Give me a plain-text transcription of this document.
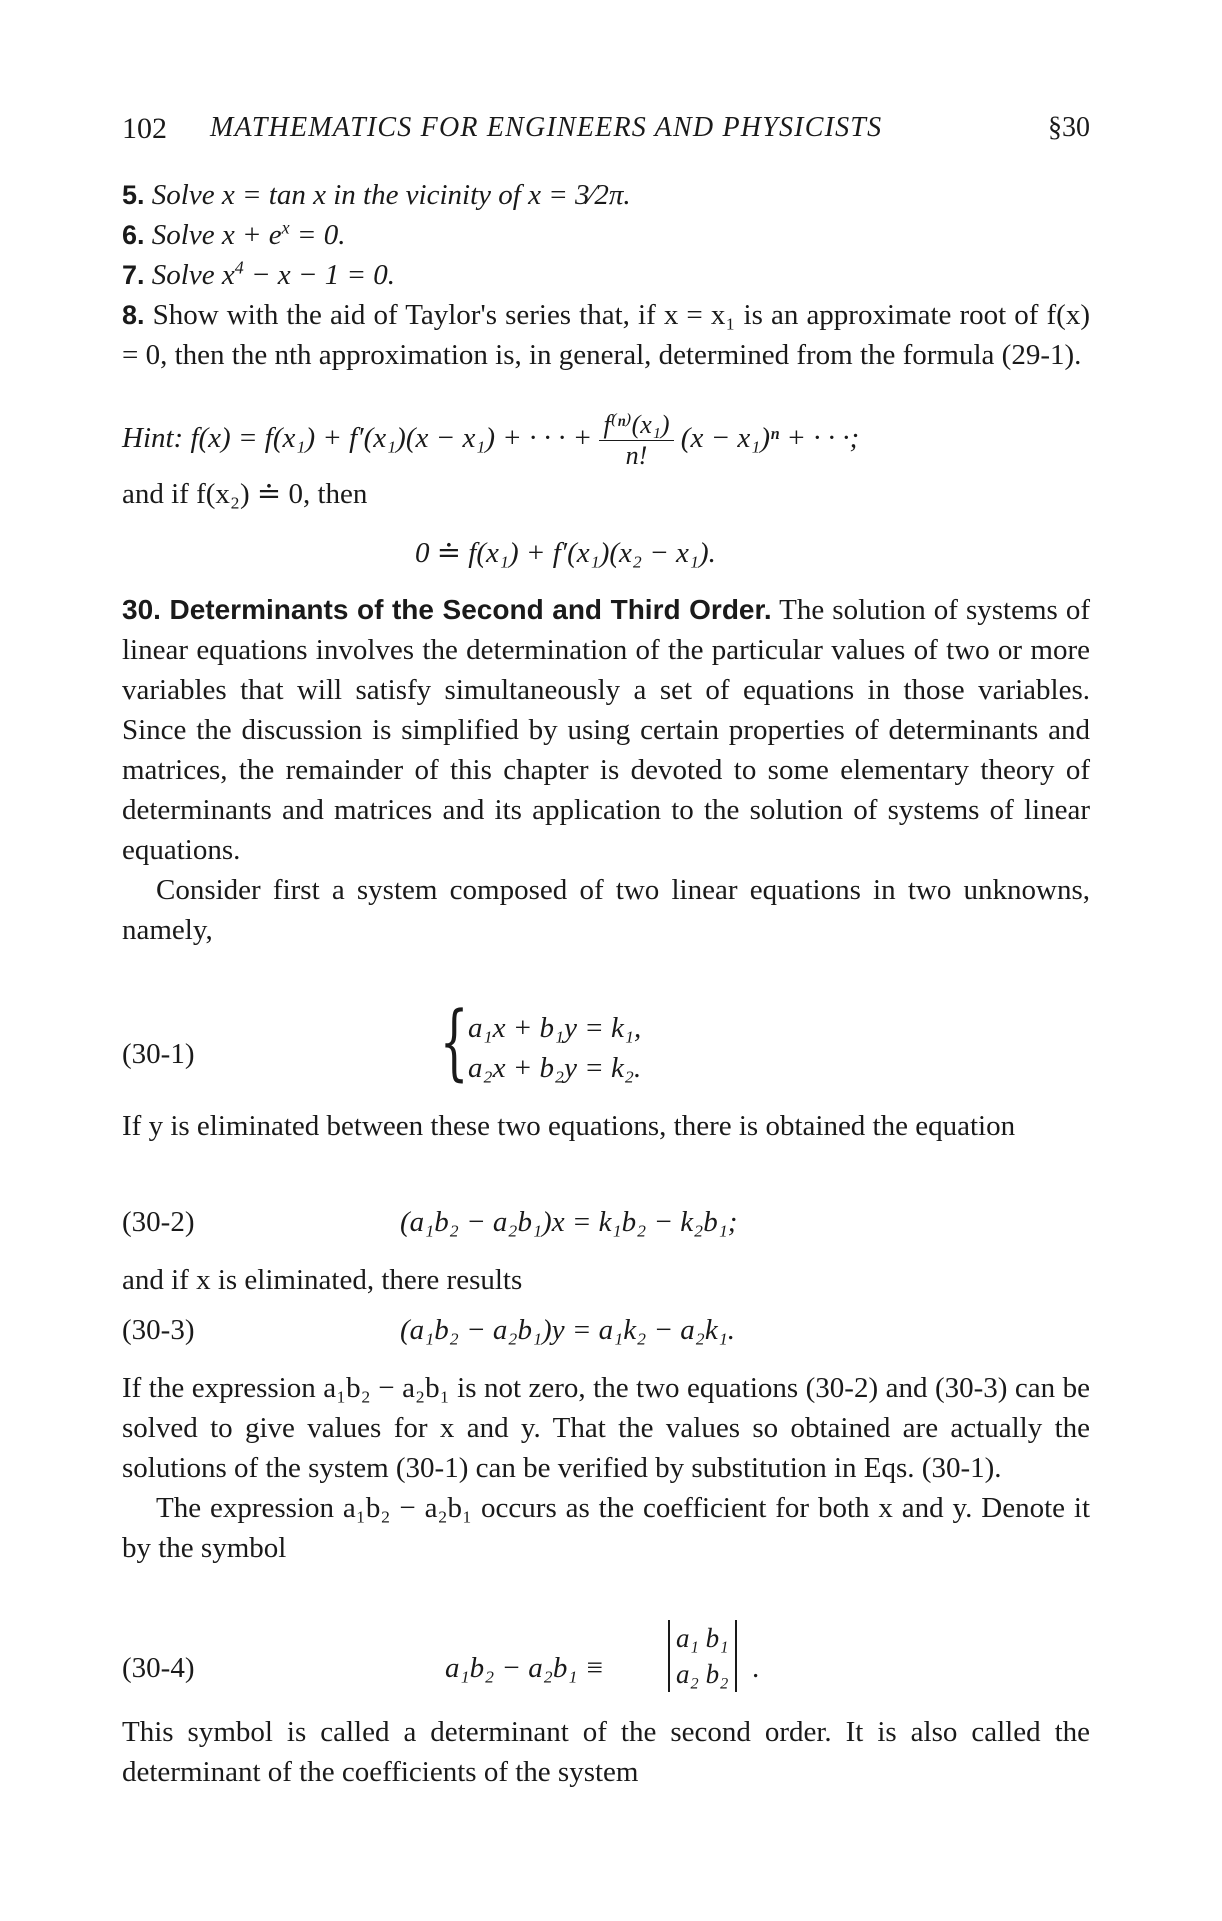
102 MATHEMATICS FOR ENGINEERS AND PHYSICISTS	§30
5. Solve x = tan x in the vicinity of x = 3⁄2π.
6. Solve $x + e^x = 0$.
7. Solve $x^4 - x - 1 = 0$.

8. Show with the aid of Taylor's series that, if x = x₁ is an approximate root of f(x) = 0, then the nth approximation is, in general, determined from the formula (29-1).

Hint: f(x) = f(x₁) + f′(x₁)(x − x₁) + · · · + $\frac{\text{f⁽ⁿ⁾(x₁)}}{n!} (x - x_1)^n$ + · · ·;
and if f(x₂) ≐ 0, then
0 ≐ f(x₁) + f′(x₁)(x₂ − x₁).

30. Determinants of the Second and Third Order. The solution of systems of linear equations involves the determination of the particular values of two or more variables that will satisfy simultaneously a set of equations in those variables. Since the discussion is simplified by using certain properties of determinants and matrices, the remainder of this chapter is devoted to some elementary theory of determinants and matrices and its application to the solution of systems of linear equations.

Consider first a system composed of two linear equations in two unknowns, namely,

(30-1)	{ a₁x + b₁y = k₁,
a₂x + b₂y = k₂.

If y is eliminated between these two equations, there is obtained the equation

(30-2)	(a₁b₂ − a₂b₁)x = k₁b₂ − k₂b₁;

and if x is eliminated, there results

(30-3)	(a₁b₂ − a₂b₁)y = a₁k₂ − a₂k₁.

If the expression a₁b₂ − a₂b₁ is not zero, the two equations (30-2) and (30-3) can be solved to give values for x and y. That the values so obtained are actually the solutions of the system (30-1) can be verified by substitution in Eqs. (30-1).

The expression a₁b₂ − a₂b₁ occurs as the coefficient for both x and y. Denote it by the symbol

(30-4)	a₁b₂ − a₂b₁ ≡
a₁ b₁
a₂ b₂ .

This symbol is called a determinant of the second order. It is also called the determinant of the coefficients of the system
